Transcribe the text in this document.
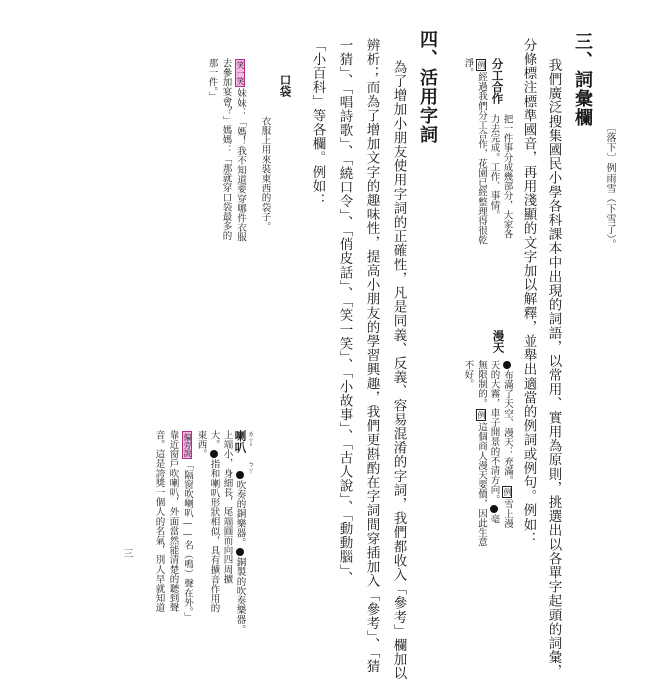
〔落下〕例雨雪（下雪了）。
三、詞彙欄
我們廣泛搜集國民小學各科課本中出現的詞語，以常用、實用為原則，挑選出以各單字起頭的詞彙，
分條標注標準國音，再用淺顯的文字加以解釋，並舉出適當的例詞或例句。例如：
分工合作
把一件事分成幾部分，大家各
力去完成。工作、事情。
例經過我們分工合作，花園已經整理得很乾
淨。
漫天
布滿了天空、漫天：充滿。例雪上漫
天的大霧，車子開景的不清方向。毫
無限制的。例這個商人漫天要價，因此生意
不好。
四、活用字詞
為了增加小朋友使用字詞的正確性，凡是同義、反義、容易混淆的字詞，我們都收入「參考」欄加以
辨析；而為了增加文字的趣味性，提高小朋友的學習興趣，我們更斟酌在字詞間穿插加入「參考」、「猜
一猜」、「唱詩歌」、「繞口令」、「俏皮話」、「笑一笑」、「小故事」、「古人說」、「動動腦」、
「小百科」等各欄。例如：
口袋
衣服上用來裝東西的袋子。
笑一笑妹妹：「媽！我不知道要穿哪件衣服
去參加宴會？」媽媽：「那就穿口袋最多的
那一件。」
喇叭 ㄌㄚˇ ㄅㄚ
吹奏的銅樂器。銅製的吹奏樂器。
上端小，身細長，尾端圓而向四周擴
大。指和喇叭形狀相似，具有擴音作用的
東西。
偏旁說「隔窗吹喇叭——名（鳴）聲在外。」
靠近窗戶吹喇叭，外面當然能清楚的聽到聲
音。這是誇獎一個人的名氣，別人早就知道
三
